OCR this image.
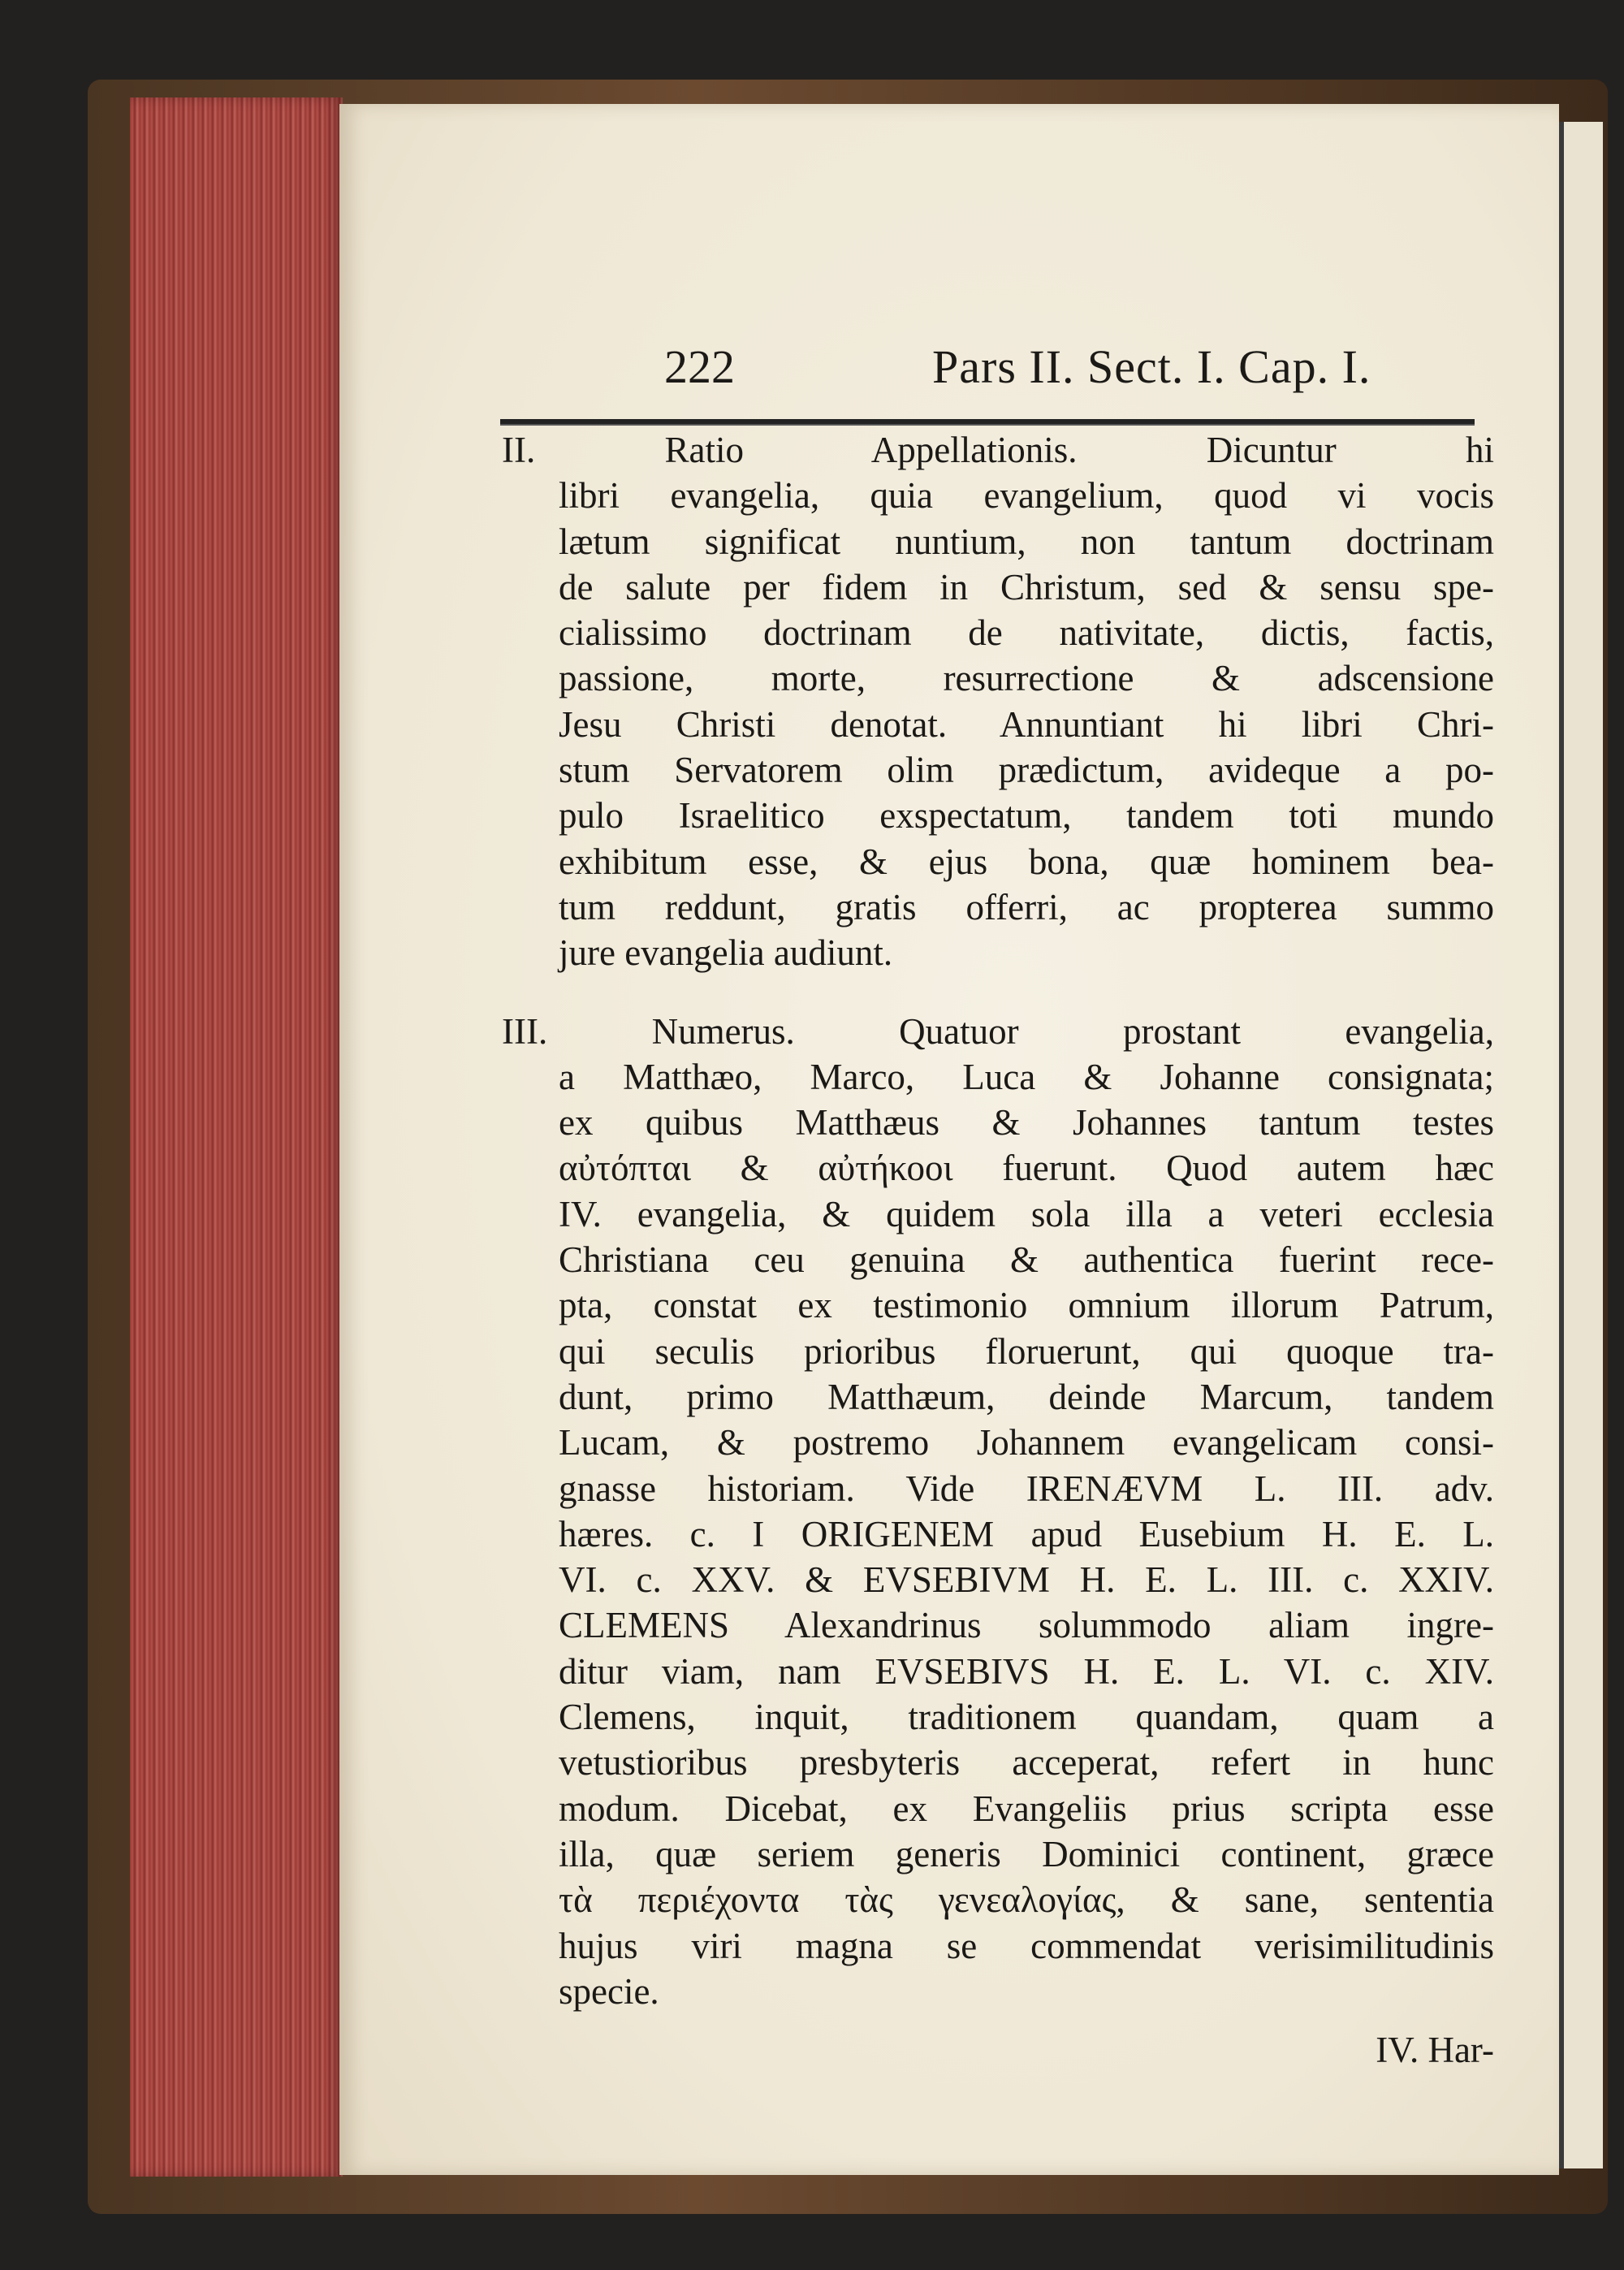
222	Pars II. Sect. I. Cap. I.
II. Ratio Appellationis. Dicuntur hi
libri evangelia, quia evangelium, quod vi vocis
lætum significat nuntium, non tantum doctrinam
de salute per fidem in Christum, sed & sensu spe-
cialissimo doctrinam de nativitate, dictis, factis,
passione, morte, resurrectione & adscensione
Jesu Christi denotat. Annuntiant hi libri Chri-
stum Servatorem olim prædictum, avideque a po-
pulo Israelitico exspectatum, tandem toti mundo
exhibitum esse, & ejus bona, quæ hominem bea-
tum reddunt, gratis offerri, ac propterea summo
jure evangelia audiunt.
III. Numerus. Quatuor prostant evangelia,
a Matthæo, Marco, Luca & Johanne consignata;
ex quibus Matthæus & Johannes tantum testes
αὐτόπται & αὐτήκοοι fuerunt. Quod autem hæc
IV. evangelia, & quidem sola illa a veteri ecclesia
Christiana ceu genuina & authentica fuerint rece-
pta, constat ex testimonio omnium illorum Patrum,
qui seculis prioribus floruerunt, qui quoque tra-
dunt, primo Matthæum, deinde Marcum, tandem
Lucam, & postremo Johannem evangelicam consi-
gnasse historiam. Vide IRENÆVM L. III. adv.
hæres. c. I ORIGENEM apud Eusebium H. E. L.
VI. c. XXV. & EVSEBIVM H. E. L. III. c. XXIV.
CLEMENS Alexandrinus solummodo aliam ingre-
ditur viam, nam EVSEBIVS H. E. L. VI. c. XIV.
Clemens, inquit, traditionem quandam, quam a
vetustioribus presbyteris acceperat, refert in hunc
modum. Dicebat, ex Evangeliis prius scripta esse
illa, quæ seriem generis Dominici continent, græce
τὰ περιέχοντα τὰς γενεαλογίας, & sane, sententia
hujus viri magna se commendat verisimilitudinis
specie.
IV. Har-
